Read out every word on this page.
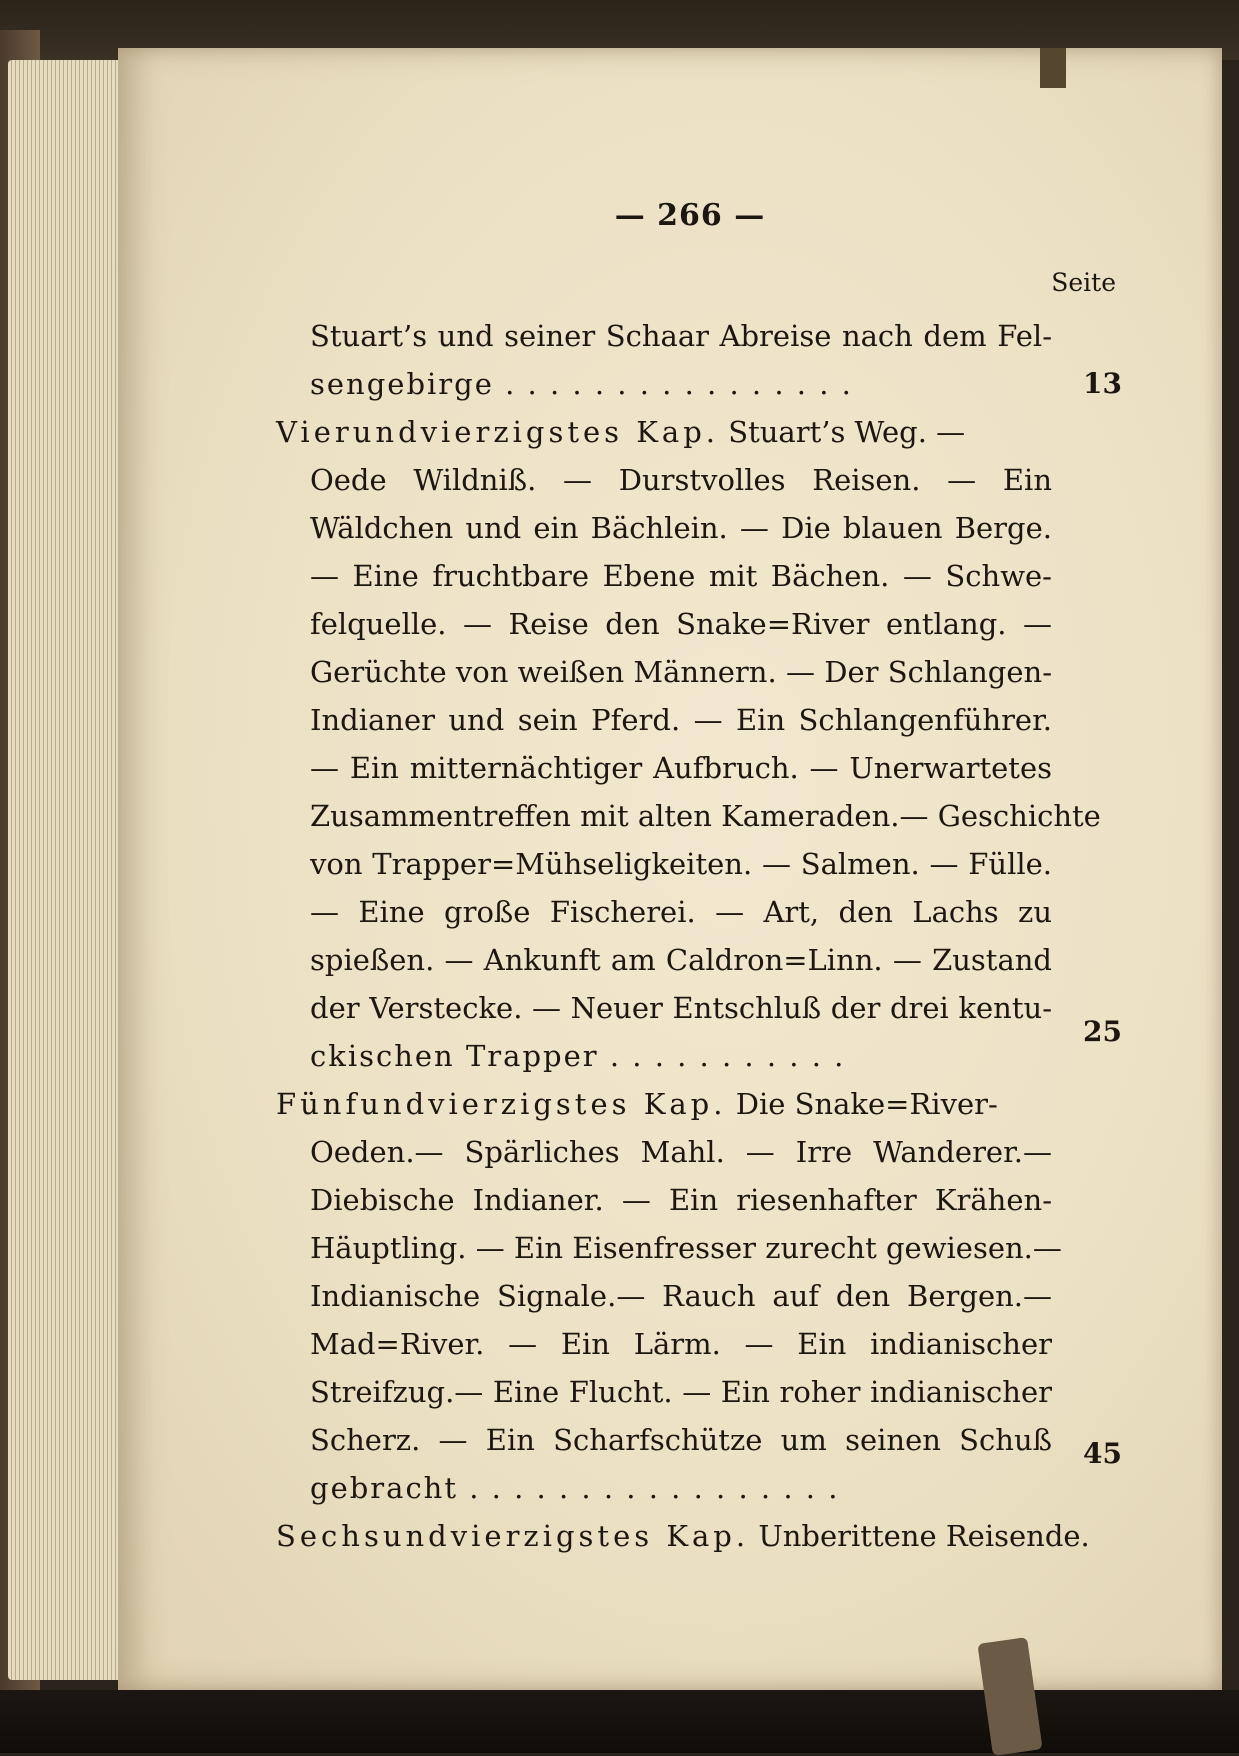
— 266 —
Seite
Stuart’s und seiner Schaar Abreise nach dem Fel-
sengebirge . . . . . . . . . . . . . . . .	13
Vierundvierzigstes Kap. Stuart’s Weg. —
Oede Wildniß. — Durstvolles Reisen. — Ein
Wäldchen und ein Bächlein. — Die blauen Berge.
— Eine fruchtbare Ebene mit Bächen. — Schwe-
felquelle. — Reise den Snake=River entlang. —
Gerüchte von weißen Männern. — Der Schlangen-
Indianer und sein Pferd. — Ein Schlangenführer.
— Ein mitternächtiger Aufbruch. — Unerwartetes
Zusammentreffen mit alten Kameraden.— Geschichte
von Trapper=Mühseligkeiten. — Salmen. — Fülle.
— Eine große Fischerei. — Art, den Lachs zu
spießen. — Ankunft am Caldron=Linn. — Zustand
der Verstecke. — Neuer Entschluß der drei kentu-
ckischen Trapper . . . . . . . . . . .
25
Fünfundvierzigstes Kap. Die Snake=River-
Oeden.— Spärliches Mahl. — Irre Wanderer.—
Diebische Indianer. — Ein riesenhafter Krähen-
Häuptling. — Ein Eisenfresser zurecht gewiesen.—
Indianische Signale.— Rauch auf den Bergen.—
Mad=River. — Ein Lärm. — Ein indianischer
Streifzug.— Eine Flucht. — Ein roher indianischer
Scherz. — Ein Scharfschütze um seinen Schuß
gebracht . . . . . . . . . . . . . . . . .
45
Sechsundvierzigstes Kap. Unberittene Reisende.
